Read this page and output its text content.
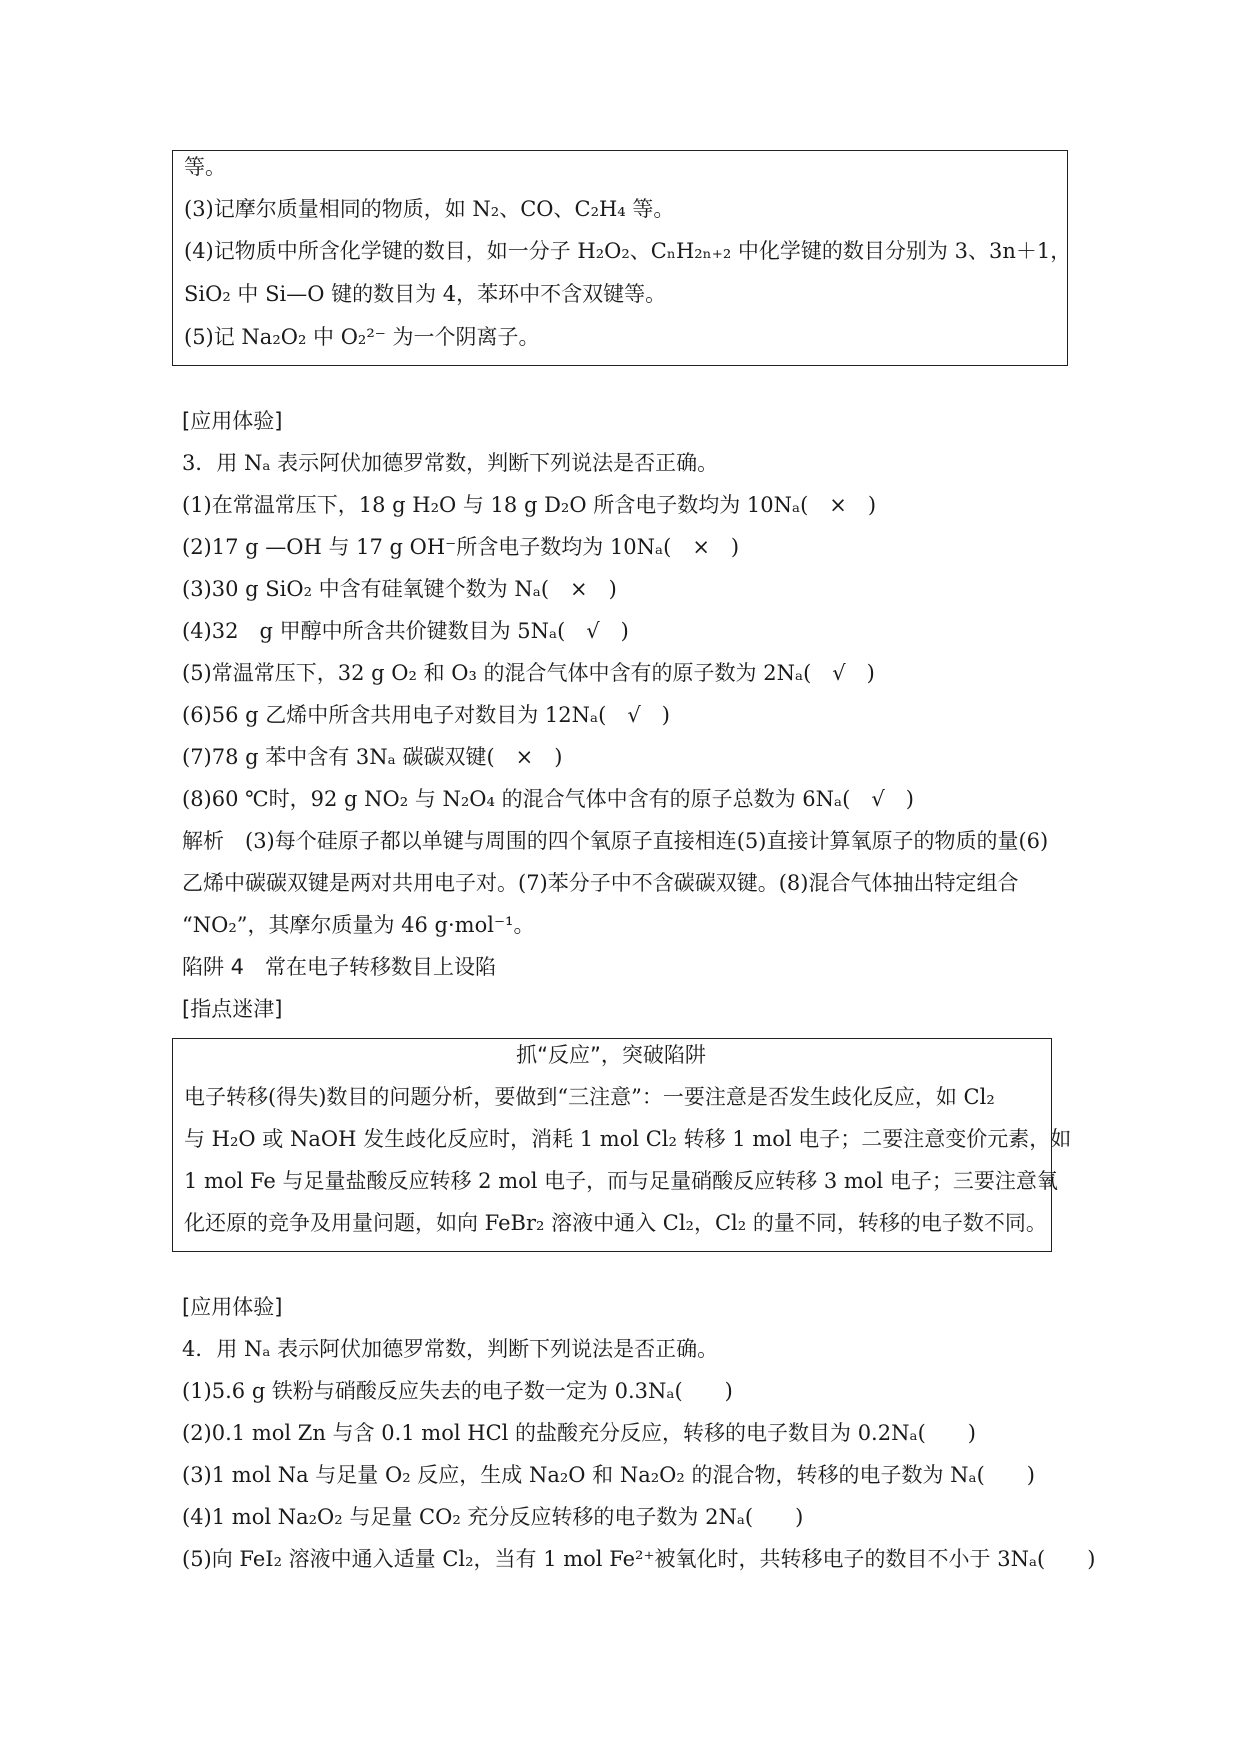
等。
(3)记摩尔质量相同的物质，如 N₂、CO、C₂H₄ 等。
(4)记物质中所含化学键的数目，如一分子 H₂O₂、CₙH₂ₙ₊₂ 中化学键的数目分别为 3、3n＋1，
SiO₂ 中 Si—O 键的数目为 4，苯环中不含双键等。
(5)记 Na₂O₂ 中 O₂²⁻ 为一个阴离子。
[应用体验]
3．用 Nₐ 表示阿伏加德罗常数，判断下列说法是否正确。
(1)在常温常压下，18 g H₂O 与 18 g D₂O 所含电子数均为 10Nₐ(　×　)
(2)17 g —OH 与 17 g OH⁻所含电子数均为 10Nₐ(　×　)
(3)30 g SiO₂ 中含有硅氧键个数为 Nₐ(　×　)
(4)32　g 甲醇中所含共价键数目为 5Nₐ(　√　)
(5)常温常压下，32 g O₂ 和 O₃ 的混合气体中含有的原子数为 2Nₐ(　√　)
(6)56 g 乙烯中所含共用电子对数目为 12Nₐ(　√　)
(7)78 g 苯中含有 3Nₐ 碳碳双键(　×　)
(8)60 ℃时，92 g NO₂ 与 N₂O₄ 的混合气体中含有的原子总数为 6Nₐ(　√　)
解析　(3)每个硅原子都以单键与周围的四个氧原子直接相连(5)直接计算氧原子的物质的量(6)
乙烯中碳碳双键是两对共用电子对。(7)苯分子中不含碳碳双键。(8)混合气体抽出特定组合
“NO₂”，其摩尔质量为 46 g·mol⁻¹。
陷阱 4　常在电子转移数目上设陷
[指点迷津]
抓“反应”，突破陷阱
电子转移(得失)数目的问题分析，要做到“三注意”：一要注意是否发生歧化反应，如 Cl₂
与 H₂O 或 NaOH 发生歧化反应时，消耗 1 mol Cl₂ 转移 1 mol 电子；二要注意变价元素，如
1 mol Fe 与足量盐酸反应转移 2 mol 电子，而与足量硝酸反应转移 3 mol 电子；三要注意氧
化还原的竞争及用量问题，如向 FeBr₂ 溶液中通入 Cl₂，Cl₂ 的量不同，转移的电子数不同。
[应用体验]
4．用 Nₐ 表示阿伏加德罗常数，判断下列说法是否正确。
(1)5.6 g 铁粉与硝酸反应失去的电子数一定为 0.3Nₐ(　　)
(2)0.1 mol Zn 与含 0.1 mol HCl 的盐酸充分反应，转移的电子数目为 0.2Nₐ(　　)
(3)1 mol Na 与足量 O₂ 反应，生成 Na₂O 和 Na₂O₂ 的混合物，转移的电子数为 Nₐ(　　)
(4)1 mol Na₂O₂ 与足量 CO₂ 充分反应转移的电子数为 2Nₐ(　　)
(5)向 FeI₂ 溶液中通入适量 Cl₂，当有 1 mol Fe²⁺被氧化时，共转移电子的数目不小于 3Nₐ(　　)
